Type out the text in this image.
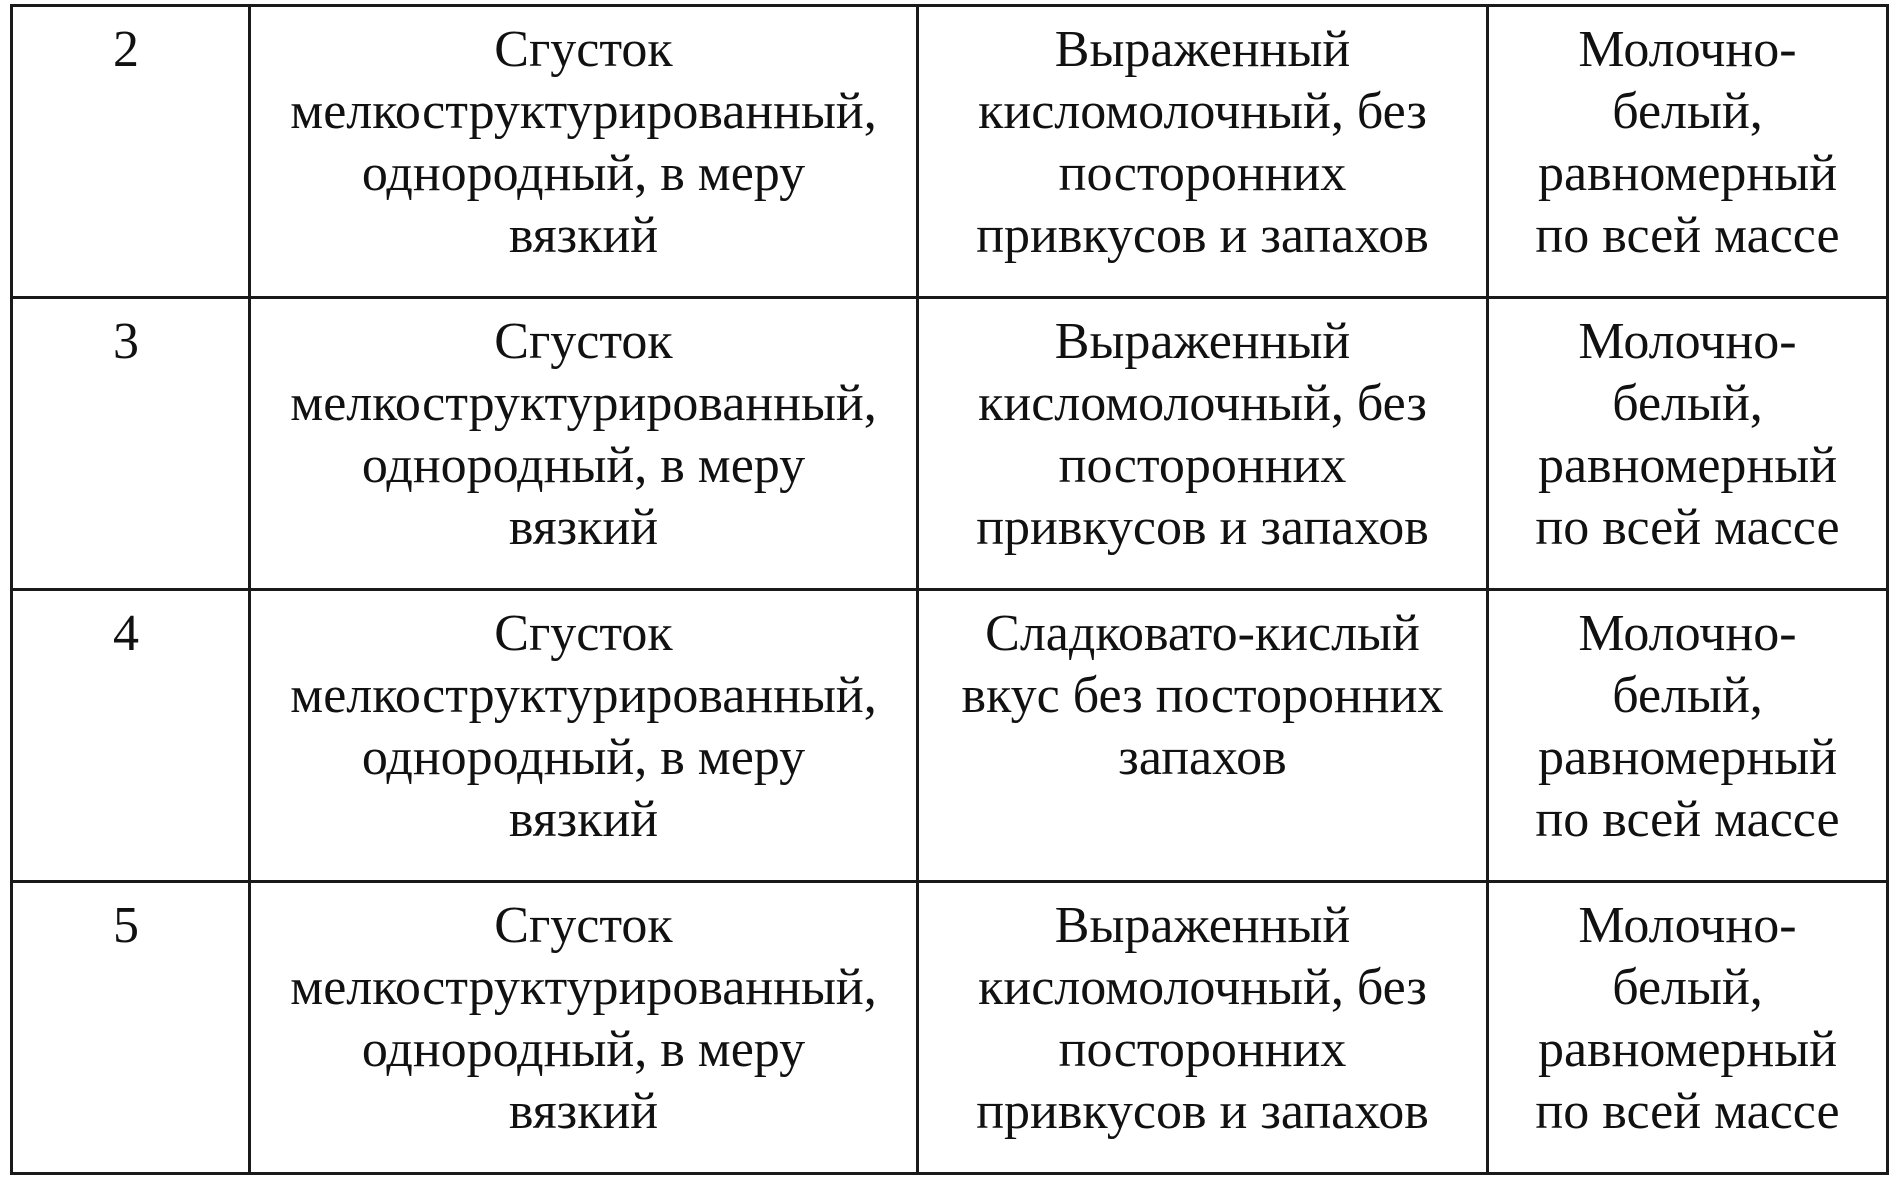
2	Сгусток
мелкоструктурированный,
однородный, в меру
вязкий	Выраженный
кисломолочный, без
посторонних
привкусов и запахов	Молочно-
белый,
равномерный
по всей массе

3	Сгусток
мелкоструктурированный,
однородный, в меру
вязкий	Выраженный
кисломолочный, без
посторонних
привкусов и запахов	Молочно-
белый,
равномерный
по всей массе

4	Сгусток
мелкоструктурированный,
однородный, в меру
вязкий	Сладковато-кислый
вкус без посторонних
запахов	Молочно-
белый,
равномерный
по всей массе

5	Сгусток
мелкоструктурированный,
однородный, в меру
вязкий	Выраженный
кисломолочный, без
посторонних
привкусов и запахов	Молочно-
белый,
равномерный
по всей массе
